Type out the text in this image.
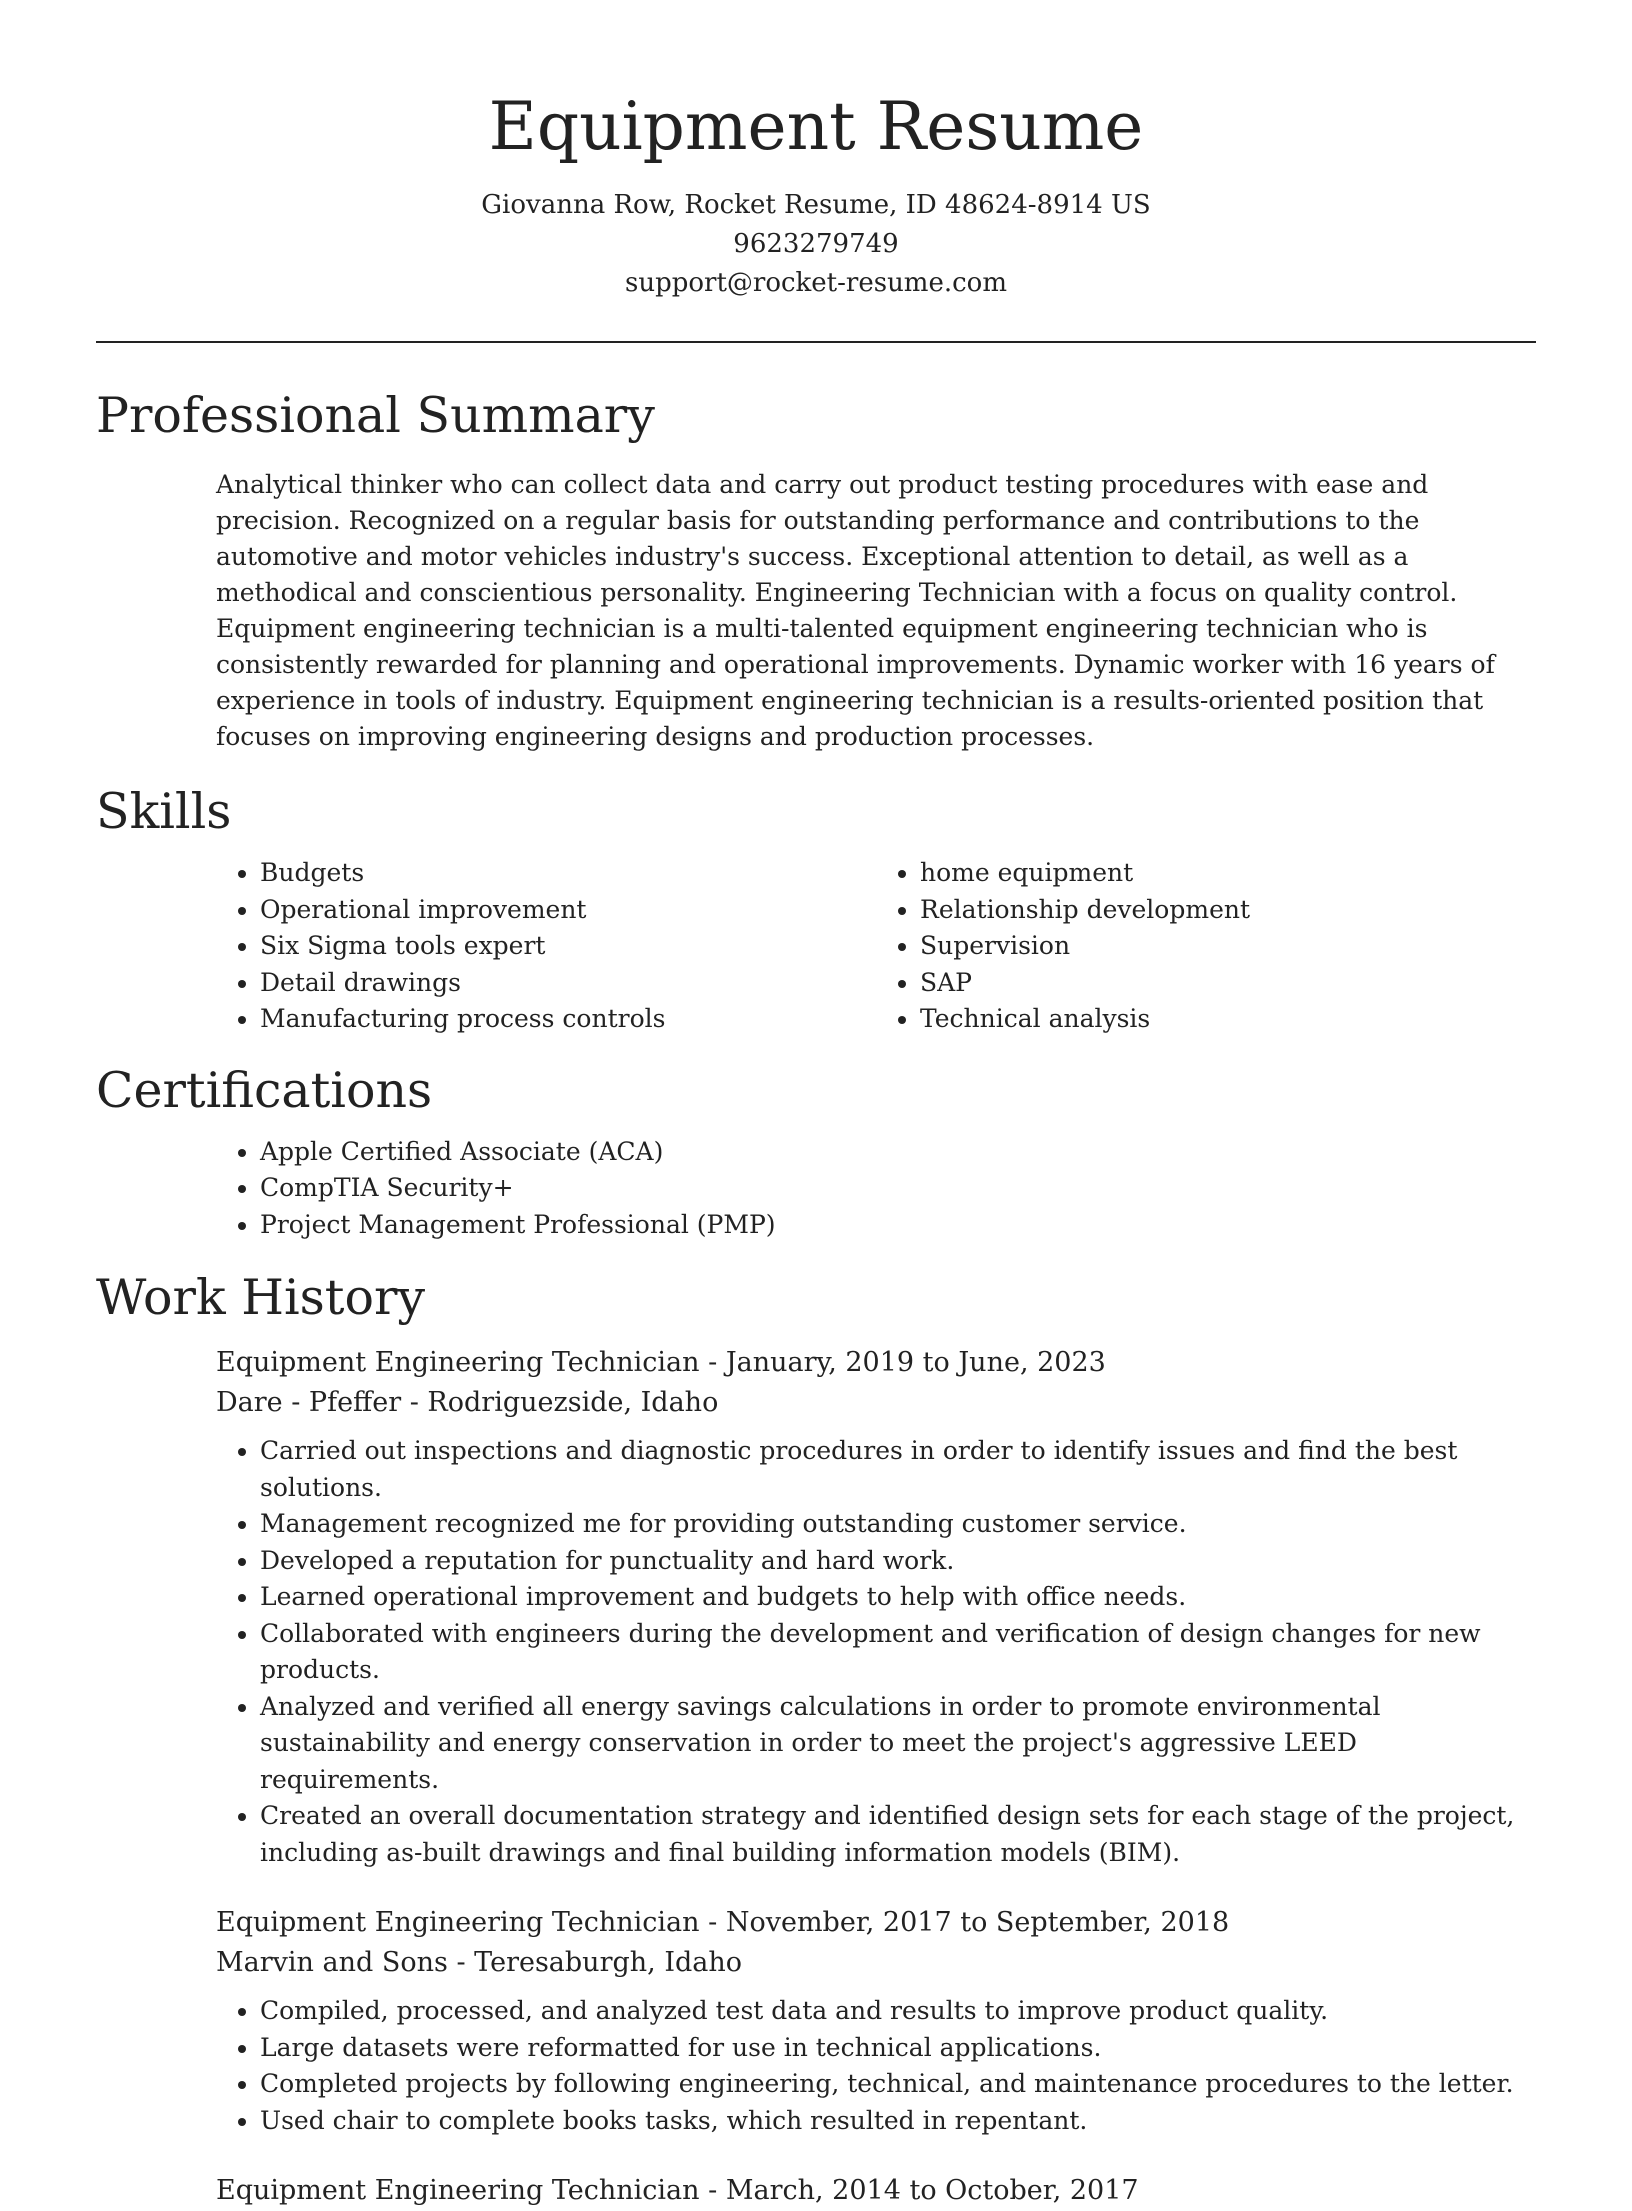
Equipment Resume

Giovanna Row, Rocket Resume, ID 48624-8914 US

9623279749

support@rocket-resume.com

Professional Summary

Analytical thinker who can collect data and carry out product testing procedures with ease and precision. Recognized on a regular basis for outstanding performance and contributions to the automotive and motor vehicles industry's success. Exceptional attention to detail, as well as a methodical and conscientious personality. Engineering Technician with a focus on quality control. Equipment engineering technician is a multi-talented equipment engineering technician who is consistently rewarded for planning and operational improvements. Dynamic worker with 16 years of experience in tools of industry. Equipment engineering technician is a results-oriented position that focuses on improving engineering designs and production processes.

Skills
• Budgets
• Operational improvement
• Six Sigma tools expert
• Detail drawings
• Manufacturing process controls
• home equipment
• Relationship development
• Supervision
• SAP
• Technical analysis
Certifications
• Apple Certified Associate (ACA)
• CompTIA Security+
• Project Management Professional (PMP)
Work History

Equipment Engineering Technician - January, 2019 to June, 2023

Dare - Pfeffer - Rodriguezside, Idaho

• Carried out inspections and diagnostic procedures in order to identify issues and find the best solutions.
• Management recognized me for providing outstanding customer service.
• Developed a reputation for punctuality and hard work.
• Learned operational improvement and budgets to help with office needs.
• Collaborated with engineers during the development and verification of design changes for new products.
• Analyzed and verified all energy savings calculations in order to promote environmental sustainability and energy conservation in order to meet the project's aggressive LEED requirements.
• Created an overall documentation strategy and identified design sets for each stage of the project, including as-built drawings and final building information models (BIM).

Equipment Engineering Technician - November, 2017 to September, 2018

Marvin and Sons - Teresaburgh, Idaho

• Compiled, processed, and analyzed test data and results to improve product quality.
• Large datasets were reformatted for use in technical applications.
• Completed projects by following engineering, technical, and maintenance procedures to the letter.
• Used chair to complete books tasks, which resulted in repentant.

Equipment Engineering Technician - March, 2014 to October, 2017
